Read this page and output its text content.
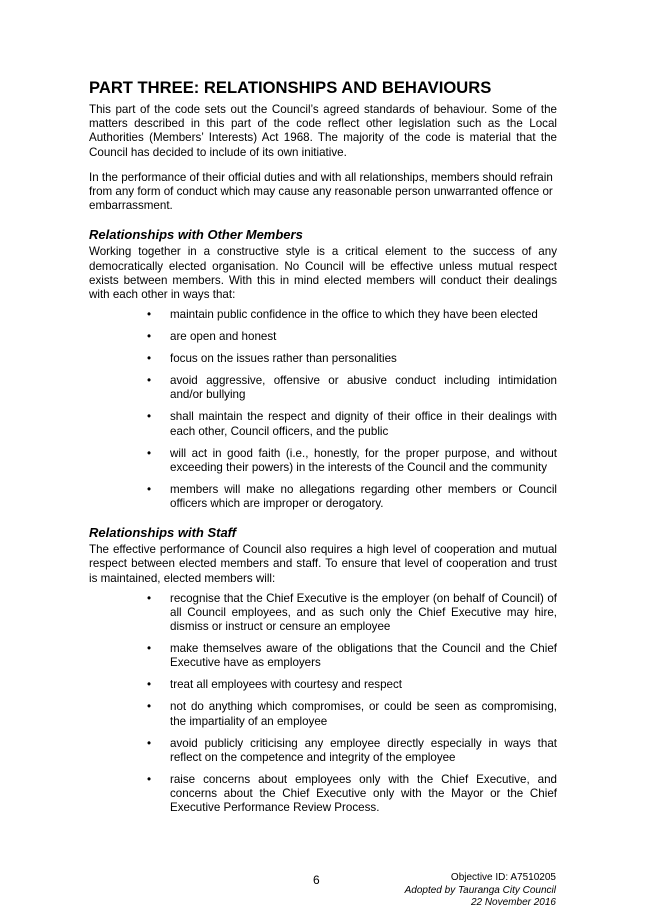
PART THREE: RELATIONSHIPS AND BEHAVIOURS

This part of the code sets out the Council’s agreed standards of behaviour. Some of the matters described in this part of the code reflect other legislation such as the Local Authorities (Members’ Interests) Act 1968. The majority of the code is material that the Council has decided to include of its own initiative.

In the performance of their official duties and with all relationships, members should refrain from any form of conduct which may cause any reasonable person unwarranted offence or embarrassment.

Relationships with Other Members

Working together in a constructive style is a critical element to the success of any democratically elected organisation. No Council will be effective unless mutual respect exists between members. With this in mind elected members will conduct their dealings with each other in ways that:

• maintain public confidence in the office to which they have been elected
• are open and honest
• focus on the issues rather than personalities
• avoid aggressive, offensive or abusive conduct including intimidation and/or bullying
• shall maintain the respect and dignity of their office in their dealings with each other, Council officers, and the public
• will act in good faith (i.e., honestly, for the proper purpose, and without exceeding their powers) in the interests of the Council and the community
• members will make no allegations regarding other members or Council officers which are improper or derogatory.
Relationships with Staff

The effective performance of Council also requires a high level of cooperation and mutual respect between elected members and staff. To ensure that level of cooperation and trust is maintained, elected members will:

• recognise that the Chief Executive is the employer (on behalf of Council) of all Council employees, and as such only the Chief Executive may hire, dismiss or instruct or censure an employee
• make themselves aware of the obligations that the Council and the Chief Executive have as employers
• treat all employees with courtesy and respect
• not do anything which compromises, or could be seen as compromising, the impartiality of an employee
• avoid publicly criticising any employee directly especially in ways that reflect on the competence and integrity of the employee
• raise concerns about employees only with the Chief Executive, and concerns about the Chief Executive only with the Mayor or the Chief Executive Performance Review Process.
6	Objective ID: A7510205
Adopted by Tauranga City Council
22 November 2016
